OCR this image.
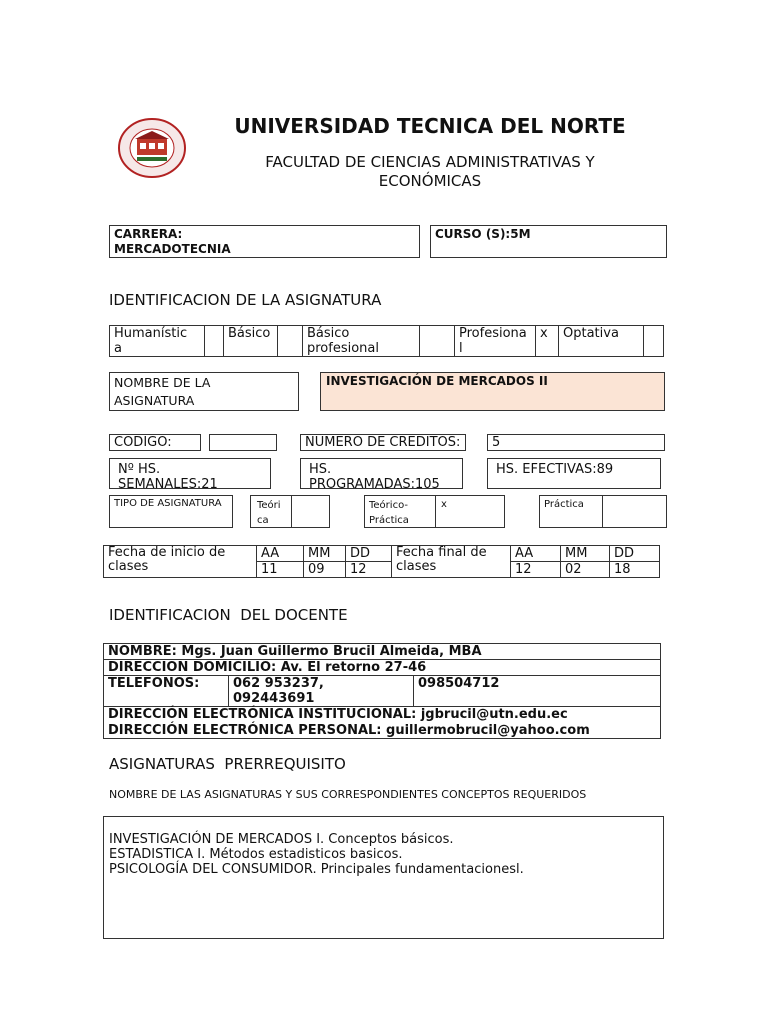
UNIVERSIDAD TECNICA DEL NORTE
FACULTAD DE CIENCIAS ADMINISTRATIVAS Y
ECONÓMICAS
CARRERA:
MERCADOTECNIA
CURSO (S):5M
IDENTIFICACION DE LA ASIGNATURA
Humanístic
a
		Básico		Básico
profesional

Profesiona
l
	x	Optativa	
NOMBRE DE LA
ASIGNATURA
INVESTIGACIÓN DE MERCADOS II
CODIGO:	NUMERO DE CREDITOS:	5
Nº HS.
SEMANALES:21
HS.
PROGRAMADAS:105
HS. EFECTIVAS:89
TIPO DE ASIGNATURA	Teóri
ca
Teórico-
Práctica
x	Práctica
Fecha de inicio de clases	AA	MM	DD	Fecha final de clases	AA	MM	DD
	11	09	12		12	02	18
IDENTIFICACION  DEL DOCENTE
NOMBRE: Mgs. Juan Guillermo Brucil Almeida, MBA
DIRECCION DOMICILIO: Av. El retorno 27-46
TELEFONOS:	062 953237, 092443691	098504712
DIRECCIÓN ELECTRÓNICA INSTITUCIONAL: jgbrucil@utn.edu.ec
DIRECCIÓN ELECTRÓNICA PERSONAL: guillermobrucil@yahoo.com
ASIGNATURAS  PRERREQUISITO
NOMBRE DE LAS ASIGNATURAS Y SUS CORRESPONDIENTES CONCEPTOS REQUERIDOS
INVESTIGACIÓN DE MERCADOS I. Conceptos básicos.
ESTADISTICA I. Métodos estadisticos basicos.
PSICOLOGÍA DEL CONSUMIDOR. Principales fundamentacionesl.
